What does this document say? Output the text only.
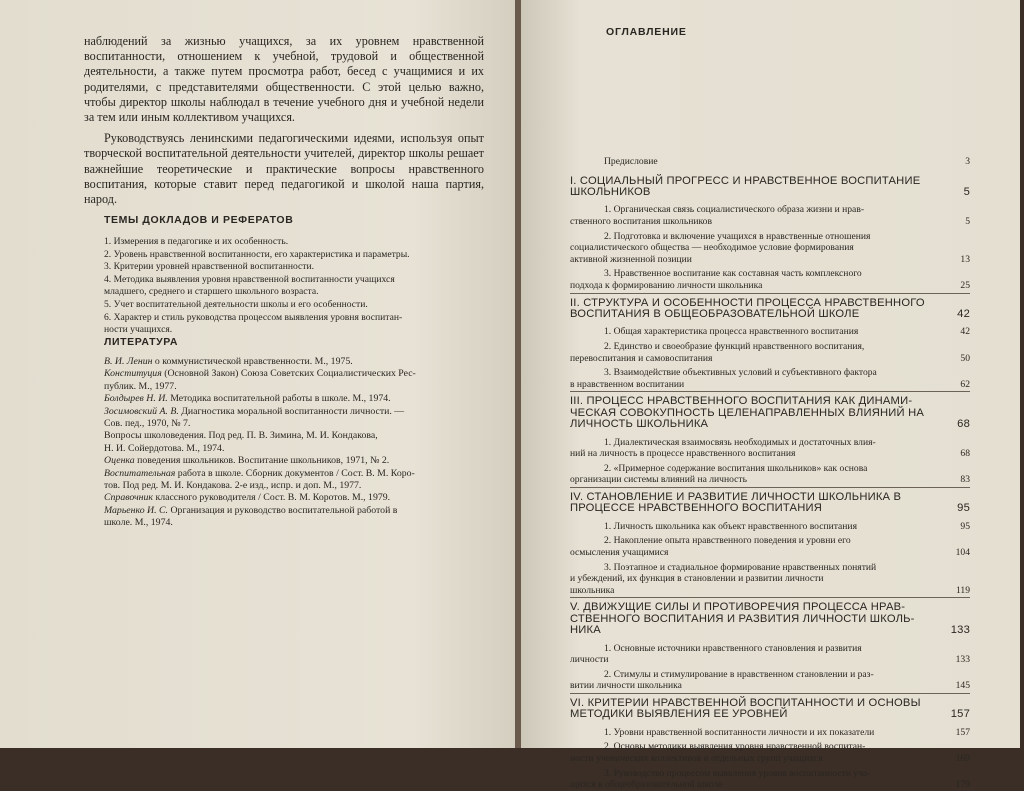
наблюдений за жизнью учащихся, за их уровнем нравственной воспитанности, отношением к учебной, трудовой и общественной деятельности, а также путем просмотра работ, бесед с учащимися и их родителями, с представителями общественности. С этой целью важно, чтобы директор школы наблюдал в течение учебного дня и учебной недели за тем или иным коллективом учащихся.

Руководствуясь ленинскими педагогическими идеями, используя опыт творческой воспитательной деятельности учителей, директор школы решает важнейшие теоретические и практические вопросы нравственного воспитания, которые ставит перед педагогикой и школой наша партия, народ.

ТЕМЫ ДОКЛАДОВ И РЕФЕРАТОВ

1. Измерения в педагогике и их особенность.

2. Уровень нравственной воспитанности, его характеристика и параметры.

3. Критерии уровней нравственной воспитанности.

4. Методика выявления уровня нравственной воспитанности учащихся

младшего, среднего и старшего школьного возраста.

5. Учет воспитательной деятельности школы и его особенности.

6. Характер и стиль руководства процессом выявления уровня воспитан-

ности учащихся.

ЛИТЕРАТУРА

В. И. Ленин о коммунистической нравственности. М., 1975.

Конституция (Основной Закон) Союза Советских Социалистических Рес-

публик. М., 1977.

Болдырев Н. И. Методика воспитательной работы в школе. М., 1974.

Зосимовский А. В. Диагностика моральной воспитанности личности. —

Сов. пед., 1970, № 7.

Вопросы школоведения. Под ред. П. В. Зимина, М. И. Кондакова,

Н. И. Сойердотова. М., 1974.

Оценка поведения школьников. Воспитание школьников, 1971, № 2.

Воспитательная работа в школе. Сборник документов / Сост. В. М. Коро-

тов. Под ред. М. И. Кондакова. 2-е изд., испр. и доп. М., 1977.

Справочник классного руководителя / Сост. В. М. Коротов. М., 1979.

Марьенко И. С. Организация и руководство воспитательной работой в

школе. М., 1974.

ОГЛАВЛЕНИЕ

Предисловие	3
I. СОЦИАЛЬНЫЙ ПРОГРЕСС И НРАВСТВЕННОЕ ВОСПИТАНИЕ
ШКОЛЬНИКОВ	5
1. Органическая связь социалистического образа жизни и нрав-
ственного воспитания школьников	5
2. Подготовка и включение учащихся в нравственные отношения
социалистического общества — необходимое условие формирования
активной жизненной позиции	13
3. Нравственное воспитание как составная часть комплексного
подхода к формированию личности школьника	25
II. СТРУКТУРА И ОСОБЕННОСТИ ПРОЦЕССА НРАВСТВЕННОГО
ВОСПИТАНИЯ В ОБЩЕОБРАЗОВАТЕЛЬНОЙ ШКОЛЕ	42
1. Общая характеристика процесса нравственного воспитания	42
2. Единство и своеобразие функций нравственного воспитания,
перевоспитания и самовоспитания	50
3. Взаимодействие объективных условий и субъективного фактора
в нравственном воспитании	62
III. ПРОЦЕСС НРАВСТВЕННОГО ВОСПИТАНИЯ КАК ДИНАМИ-
ЧЕСКАЯ СОВОКУПНОСТЬ ЦЕЛЕНАПРАВЛЕННЫХ ВЛИЯНИЙ НА
ЛИЧНОСТЬ ШКОЛЬНИКА	68
1. Диалектическая взаимосвязь необходимых и достаточных влия-
ний на личность в процессе нравственного воспитания	68
2. «Примерное содержание воспитания школьников» как основа
организации системы влияний на личность	83
IV. СТАНОВЛЕНИЕ И РАЗВИТИЕ ЛИЧНОСТИ ШКОЛЬНИКА В
ПРОЦЕССЕ НРАВСТВЕННОГО ВОСПИТАНИЯ	95
1. Личность школьника как объект нравственного воспитания	95
2. Накопление опыта нравственного поведения и уровни его
осмысления учащимися	104
3. Поэтапное и стадиальное формирование нравственных понятий
и убеждений, их функция в становлении и развитии личности
школьника	119
V. ДВИЖУЩИЕ СИЛЫ И ПРОТИВОРЕЧИЯ ПРОЦЕССА НРАВ-
СТВЕННОГО ВОСПИТАНИЯ И РАЗВИТИЯ ЛИЧНОСТИ ШКОЛЬ-
НИКА	133
1. Основные источники нравственного становления и развития
личности	133
2. Стимулы и стимулирование в нравственном становлении и раз-
витии личности школьника	145
VI. КРИТЕРИИ НРАВСТВЕННОЙ ВОСПИТАННОСТИ И ОСНОВЫ
МЕТОДИКИ ВЫЯВЛЕНИЯ ЕЕ УРОВНЕЙ	157
1. Уровни нравственной воспитанности личности и их показатели	157
2. Основы методики выявления уровня нравственной воспитан-
ности ученических коллективов и отдельных групп учащихся	169
3. Руководство процессом выявления уровня воспитанности уча-
щихся в общеобразовательной школе	179
